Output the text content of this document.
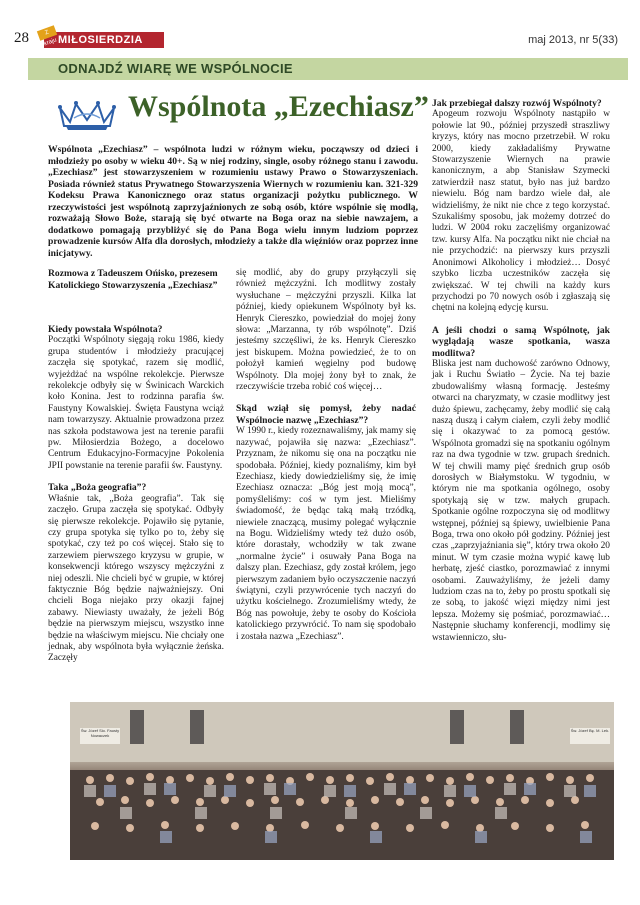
28	MIŁOSIERDZIA
Z kraju	maj 2013, nr 5(33)
ODNAJDŹ WIARĘ WE WSPÓLNOCIE
Wspólnota „Ezechiasz”
Wspólnota „Ezechiasz” – wspólnota ludzi w różnym wieku, począwszy od dzieci i młodzieży po osoby w wieku 40+. Są w niej rodziny, single, osoby różnego stanu i zawodu. „Ezechiasz” jest stowarzyszeniem w rozumieniu ustawy Prawo o Stowarzyszeniach. Posiada również status Prywatnego Stowarzyszenia Wiernych w rozumieniu kan. 321-329 Kodeksu Prawa Kanonicznego oraz status organizacji pożytku publicznego. W rzeczywistości jest wspólnotą zaprzyjaźnionych ze sobą osób, które wspólnie się modlą, rozważają Słowo Boże, starają się być otwarte na Boga oraz na siebie nawzajem, a dodatkowo pomagają przybliżyć się do Pana Boga wielu innym ludziom poprzez prowadzenie kursów Alfa dla dorosłych, młodzieży a także dla więźniów oraz poprzez inne inicjatywy.
Rozmowa z Tadeuszem Ońisko, prezesem Katolickiego Stowarzyszenia „Ezechiasz”

Kiedy powstała Wspólnota?

Początki Wspólnoty sięgają roku 1986, kiedy grupa studentów i młodzieży pracującej zaczęła się spotykać, razem się modlić, wyjeżdżać na wspólne rekolekcje. Pierwsze rekolekcje odbyły się w Świnicach Warckich koło Konina. Jest to rodzinna parafia św. Faustyny Kowalskiej. Święta Faustyna wciąż nam towarzyszy. Aktualnie prowadzona przez nas szkoła podstawowa jest na terenie parafii pw. Miłosierdzia Bożego, a docelowo Centrum Edukacyjno-Formacyjne Pokolenia JPII powstanie na terenie parafii św. Faustyny.

Taka „Boża geografia”?

Właśnie tak, „Boża geografia”. Tak się zaczęło. Grupa zaczęła się spotykać. Odbyły się pierwsze rekolekcje. Pojawiło się pytanie, czy grupa spotyka się tylko po to, żeby się spotykać, czy też po coś więcej. Stało się to zarzewiem pierwszego kryzysu w grupie, w konsekwencji którego wszyscy mężczyźni z niej odeszli. Nie chcieli być w grupie, w której faktycznie Bóg będzie najważniejszy. Oni chcieli Boga niejako przy okazji fajnej zabawy. Niewiasty uważały, że jeżeli Bóg będzie na pierwszym miejscu, wszystko inne będzie na właściwym miejscu. Nie chciały one jednak, aby wspólnota była wyłącznie żeńska. Zaczęły

się modlić, aby do grupy przyłączyli się również mężczyźni. Ich modlitwy zostały wysłuchane – mężczyźni przyszli. Kilka lat później, kiedy opiekunem Wspólnoty był ks. Henryk Ciereszko, powiedział do mojej żony słowa: „Marzanna, ty rób wspólnotę”. Dziś jesteśmy szczęśliwi, że ks. Henryk Ciereszko jest biskupem. Można powiedzieć, że to on położył kamień węgielny pod budowę Wspólnoty. Dla mojej żony był to znak, że rzeczywiście trzeba robić coś więcej…

Skąd wziął się pomysł, żeby nadać Wspólnocie nazwę „Ezechiasz”?

W 1990 r., kiedy rozeznawaliśmy, jak mamy się nazywać, pojawiła się nazwa: „Ezechiasz”. Przyznam, że nikomu się ona na początku nie spodobała. Później, kiedy poznaliśmy, kim był Ezechiasz, kiedy dowiedzieliśmy się, że imię Ezechiasz oznacza: „Bóg jest moją mocą”, pomyśleliśmy: coś w tym jest. Mieliśmy świadomość, że będąc taką małą trzódką, niewiele znaczącą, musimy polegać wyłącznie na Bogu. Widzieliśmy wtedy też dużo osób, które dorastały, wchodziły w tak zwane „normalne życie” i osuwały Pana Boga na dalszy plan. Ezechiasz, gdy został królem, jego pierwszym zadaniem było oczyszczenie naczyń świątyni, czyli przywrócenie tych naczyń do użytku kościelnego. Zrozumieliśmy wtedy, że Bóg nas powołuje, żeby te osoby do Kościoła katolickiego przywrócić. To nam się spodobało i została nazwa „Ezechiasz”.

Jak przebiegał dalszy rozwój Wspólnoty?

Apogeum rozwoju Wspólnoty nastąpiło w połowie lat 90., później przyszedł straszliwy kryzys, który nas mocno przetrzebił. W roku 2000, kiedy zakładaliśmy Prywatne Stowarzyszenie Wiernych na prawie kanonicznym, a abp Stanisław Szymecki zatwierdził nasz statut, było nas już bardzo niewielu. Bóg nam bardzo wiele dał, ale widzieliśmy, że nikt nie chce z tego korzystać. Szukaliśmy sposobu, jak możemy dotrzeć do ludzi. W 2004 roku zaczęliśmy organizować tzw. kursy Alfa. Na początku nikt nie chciał na nie przychodzić: na pierwszy kurs przyszli Anonimowi Alkoholicy i młodzież… Dosyć szybko liczba uczestników zaczęła się zwiększać. W tej chwili na każdy kurs przychodzi po 70 nowych osób i zgłaszają się chętni na kolejną edycję kursu.

A jeśli chodzi o samą Wspólnotę, jak wyglądają wasze spotkania, wasza modlitwa?

Bliska jest nam duchowość zarówno Odnowy, jak i Ruchu Światło – Życie. Na tej bazie zbudowaliśmy własną formację. Jesteśmy otwarci na charyzmaty, w czasie modlitwy jest dużo śpiewu, zachęcamy, żeby modlić się całą naszą duszą i całym ciałem, czyli żeby modlić się i okazywać to za pomocą gestów. Wspólnota gromadzi się na spotkaniu ogólnym raz na dwa tygodnie w tzw. grupach średnich. W tej chwili mamy pięć średnich grup osób dorosłych w Białymstoku. W tygodniu, w którym nie ma spotkania ogólnego, osoby spotykają się w tzw. małych grupach. Spotkanie ogólne rozpoczyna się od modlitwy wstępnej, później są śpiewy, uwielbienie Pana Boga, trwa ono około pół godziny. Później jest czas „zaprzyjaźniania się”, który trwa około 20 minut. W tym czasie można wypić kawę lub herbatę, zjeść ciastko, porozmawiać z innymi osobami. Zauważyliśmy, że jeżeli damy ludziom czas na to, żeby po prostu spotkali się ze sobą, to jakość więzi między nimi jest lepsza. Możemy się pośmiać, porozmawiać… Następnie słuchamy konferencji, modlimy się wstawienniczo, słu-

Św. Józef Sio. Fausty Nowaczek
Św. Józef Bę. M. Lek.
